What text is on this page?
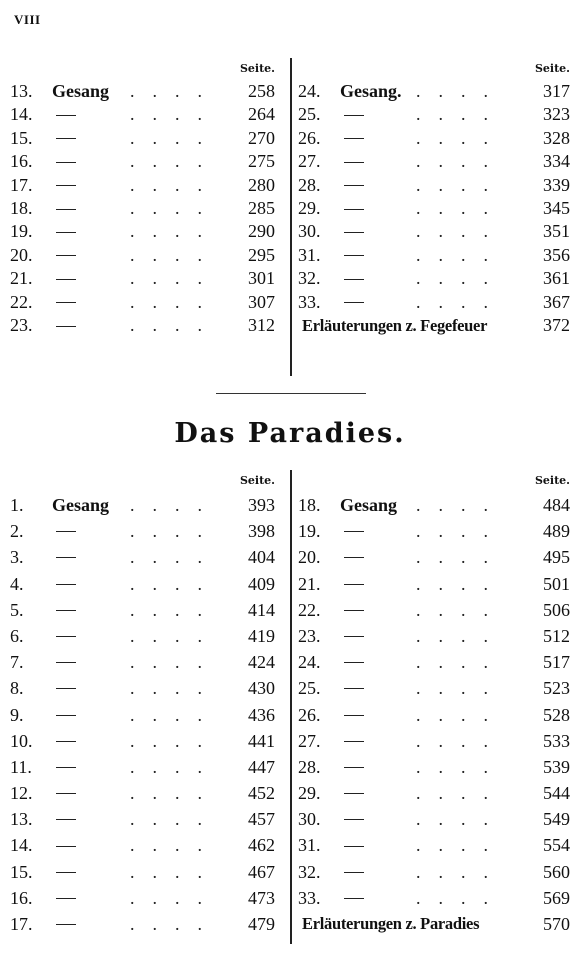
VIII
Seite.
13. Gesang .... 258
14.	.... 264
15.	.... 270
16.	.... 275
17.	.... 280
18.	.... 285
19.	.... 290
20.	.... 295
21.	.... 301
22.	.... 307
23.	.... 312
Seite.
24. Gesang. .... 317
25.	.... 323
26.	.... 328
27.	.... 334
28.	.... 339
29.	.... 345
30.	.... 351
31.	.... 356
32.	.... 361
33.	.... 367
Erläuterungen z. Fegefeuer	372
Das Paradies.
Seite.
1. Gesang .... 393
2.	.... 398
3.	.... 404
4.	.... 409
5.	.... 414
6.	.... 419
7.	.... 424
8.	.... 430
9.	.... 436
10.	.... 441
11.	.... 447
12.	.... 452
13.	.... 457
14.	.... 462
15.	.... 467
16.	.... 473
17.	.... 479
Seite.
18. Gesang .... 484
19.	.... 489
20.	.... 495
21.	.... 501
22.	.... 506
23.	.... 512
24.	.... 517
25.	.... 523
26.	.... 528
27.	.... 533
28.	.... 539
29.	.... 544
30.	.... 549
31.	.... 554
32.	.... 560
33.	.... 569
Erläuterungen z. Paradies	570
